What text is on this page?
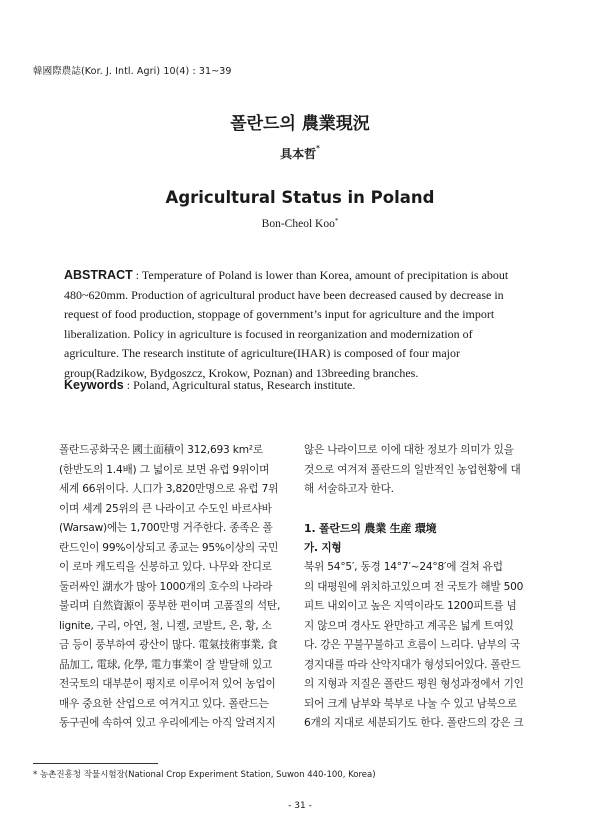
韓國際農誌(Kor. J. Intl. Agri) 10(4) : 31~39
폴란드의 農業現況
具本哲*
Agricultural Status in Poland
Bon-Cheol Koo*
ABSTRACT : Temperature of Poland is lower than Korea, amount of precipitation is about
480~620mm. Production of agricultural product have been decreased caused by decrease in
request of food production, stoppage of government’s input for agriculture and the import
liberalization. Policy in agriculture is focused in reorganization and modernization of
agriculture. The research institute of agriculture(IHAR) is composed of four major
group(Radzikow, Bydgoszcz, Krokow, Poznan) and 13breeding branches.
Keywords : Poland, Agricultural status, Research institute.
폴란드공화국은 國土面積이 312,693 km²로
(한반도의 1.4배) 그 넓이로 보면 유럽 9위이며
세계 66위이다. 人口가 3,820만명으로 유럽 7위
이며 세계 25위의 큰 나라이고 수도인 바르샤바
(Warsaw)에는 1,700만명 거주한다. 종족은 폴
란드인이 99%이상되고 종교는 95%이상의 국민
이 로마 캐도릭을 신봉하고 있다. 나무와 잔디로
둘러싸인 湖水가 많아 1000개의 호수의 나라라
불리며 自然資源이 풍부한 편이며 고품질의 석탄,
lignite, 구리, 아연, 철, 니켈, 코발트, 은, 황, 소
금 등이 풍부하여 광산이 많다. 電氣技術事業, 食
品加工, 電球, 化學, 電力事業이 잘 발달해 있고
전국토의 대부분이 평지로 이루어져 있어 농업이
매우 중요한 산업으로 여겨지고 있다. 폴란드는
동구권에 속하여 있고 우리에게는 아직 알려지지
않은 나라이므로 이에 대한 정보가 의미가 있을
것으로 여겨져 폴란드의 일반적인 농업현황에 대
해 서술하고자 한다.
1. 폴란드의 農業 生産 環境
가. 지형
북위 54°5′, 동경 14°7′~24°8′에 걸쳐 유럽
의 대평원에 위치하고있으며 전 국토가 해발 500
피트 내외이고 높은 지역이라도 1200피트를 넘
지 않으며 경사도 완만하고 계곡은 넓게 트여있
다. 강은 꾸불꾸불하고 흐름이 느리다. 남부의 국
경지대를 따라 산악지대가 형성되어있다. 폴란드
의 지형과 지질은 폴란드 평원 형성과정에서 기인
되어 크게 남부와 북부로 나눌 수 있고 남북으로
6개의 지대로 세분되기도 한다. 폴란드의 강은 크
* 농촌진흥청 작물시험장(National Crop Experiment Station, Suwon 440-100, Korea)
- 31 -
